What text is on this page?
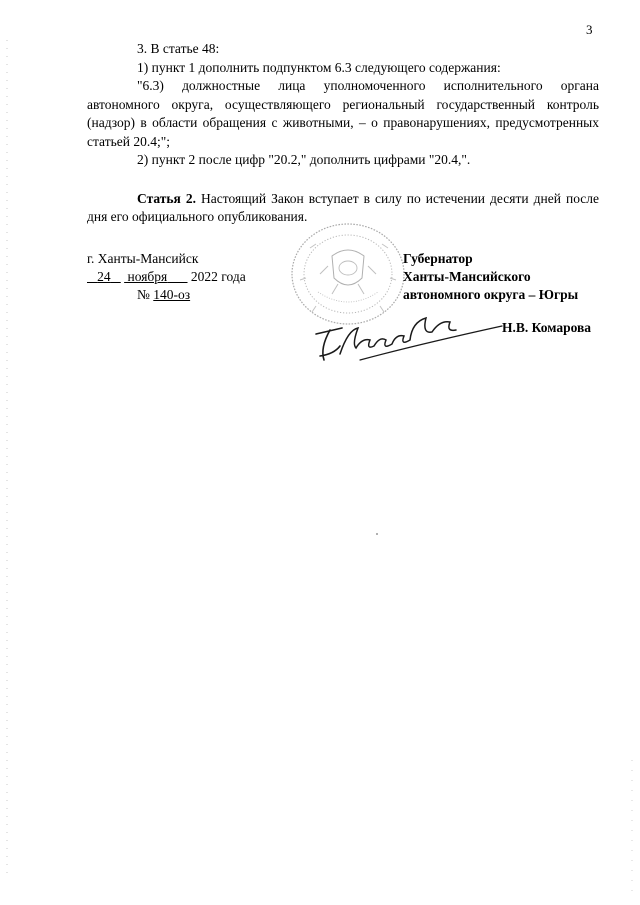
3

3. В статье 48:

1) пункт 1 дополнить подпунктом 6.3 следующего содержания:

"6.3) должностные лица уполномоченного исполнительного органа автономного округа, осуществляющего региональный государственный контроль (надзор) в области обращения с животными, – о правонарушениях, предусмотренных статьей 20.4;";

2) пункт 2 после цифр "20.2," дополнить цифрами "20.4,".

Статья 2. Настоящий Закон вступает в силу по истечении десяти дней после дня его официального опубликования.

г. Ханты-Мансийск
24 ноября 2022 года
№ 140-оз
Губернатор
Ханты-Мансийского
автономного округа – Югры
Н.В. Комарова
